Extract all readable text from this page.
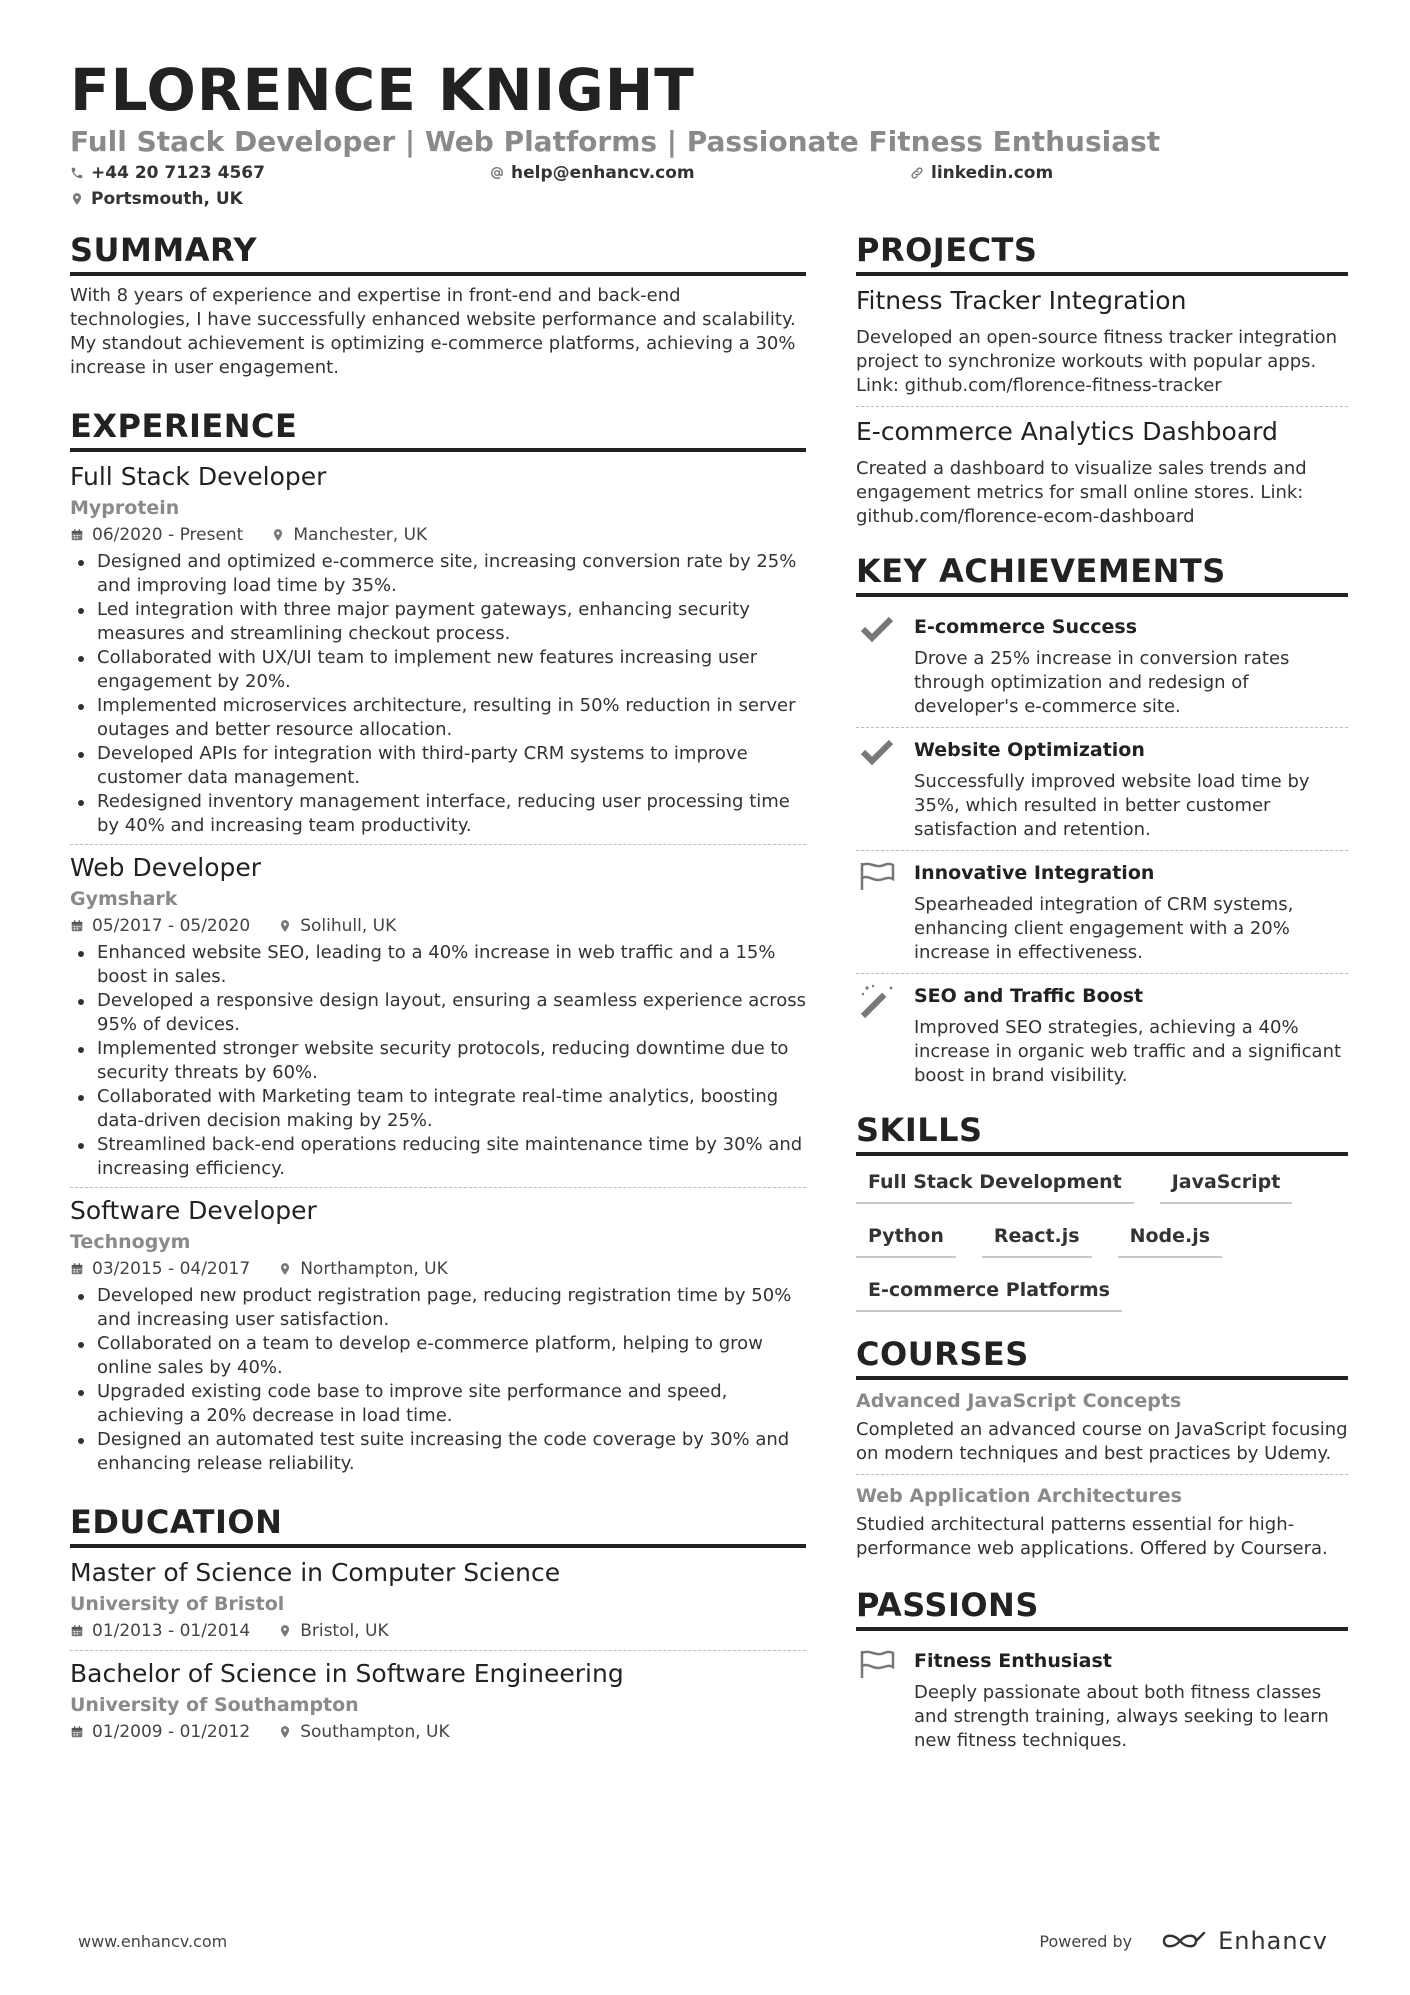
FLORENCE KNIGHT
Full Stack Developer | Web Platforms | Passionate Fitness Enthusiast
+44 20 7123 4567	help@enhancv.com	linkedin.com
Portsmouth, UK
SUMMARY
With 8 years of experience and expertise in front-end and back-end technologies, I have successfully enhanced website performance and scalability. My standout achievement is optimizing e-commerce platforms, achieving a 30% increase in user engagement.
EXPERIENCE
Full Stack Developer
Myprotein
06/2020 - Present	Manchester, UK
Designed and optimized e-commerce site, increasing conversion rate by 25% and improving load time by 35%.
Led integration with three major payment gateways, enhancing security measures and streamlining checkout process.
Collaborated with UX/UI team to implement new features increasing user engagement by 20%.
Implemented microservices architecture, resulting in 50% reduction in server outages and better resource allocation.
Developed APIs for integration with third-party CRM systems to improve customer data management.
Redesigned inventory management interface, reducing user processing time by 40% and increasing team productivity.
Web Developer
Gymshark
05/2017 - 05/2020	Solihull, UK
Enhanced website SEO, leading to a 40% increase in web traffic and a 15% boost in sales.
Developed a responsive design layout, ensuring a seamless experience across 95% of devices.
Implemented stronger website security protocols, reducing downtime due to security threats by 60%.
Collaborated with Marketing team to integrate real-time analytics, boosting data-driven decision making by 25%.
Streamlined back-end operations reducing site maintenance time by 30% and increasing efficiency.
Software Developer
Technogym
03/2015 - 04/2017	Northampton, UK
Developed new product registration page, reducing registration time by 50% and increasing user satisfaction.
Collaborated on a team to develop e-commerce platform, helping to grow online sales by 40%.
Upgraded existing code base to improve site performance and speed, achieving a 20% decrease in load time.
Designed an automated test suite increasing the code coverage by 30% and enhancing release reliability.
EDUCATION
Master of Science in Computer Science
University of Bristol
01/2013 - 01/2014	Bristol, UK
Bachelor of Science in Software Engineering
University of Southampton
01/2009 - 01/2012	Southampton, UK
PROJECTS
Fitness Tracker Integration
Developed an open-source fitness tracker integration project to synchronize workouts with popular apps. Link: github.com/florence-fitness-tracker
E-commerce Analytics Dashboard
Created a dashboard to visualize sales trends and engagement metrics for small online stores. Link: github.com/florence-ecom-dashboard
KEY ACHIEVEMENTS
E-commerce Success
Drove a 25% increase in conversion rates through optimization and redesign of developer's e-commerce site.
Website Optimization
Successfully improved website load time by 35%, which resulted in better customer satisfaction and retention.
Innovative Integration
Spearheaded integration of CRM systems, enhancing client engagement with a 20% increase in effectiveness.
SEO and Traffic Boost
Improved SEO strategies, achieving a 40% increase in organic web traffic and a significant boost in brand visibility.
SKILLS
Full Stack Development	JavaScript
Python	React.js	Node.js
E-commerce Platforms
COURSES
Advanced JavaScript Concepts
Completed an advanced course on JavaScript focusing on modern techniques and best practices by Udemy.
Web Application Architectures
Studied architectural patterns essential for high-performance web applications. Offered by Coursera.
PASSIONS
Fitness Enthusiast
Deeply passionate about both fitness classes and strength training, always seeking to learn new fitness techniques.
www.enhancv.com	Powered by	Enhancv
